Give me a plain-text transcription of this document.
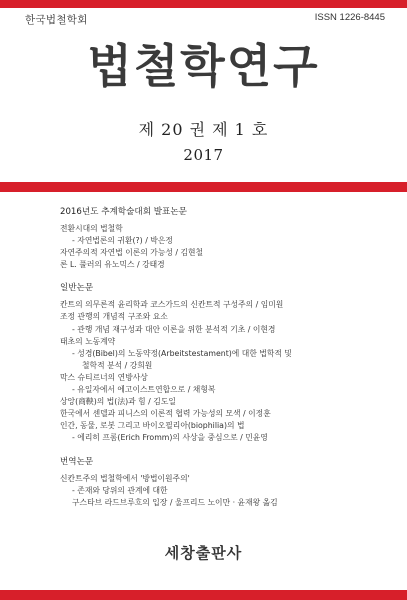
한국법철학회	ISSN 1226-8445
법철학연구
제 20 권 제 1 호
2017
2016년도 추계학술대회 발표논문
전환시대의 법철학
- 자연법론의 귀환(?) / 박은정
자연주의적 자연법 이론의 가능성 / 김현철
론 L. 풀러의 유노믹스 / 강태경
일반논문
칸트의 의무론적 윤리학과 코스가드의 신칸트적 구성주의 / 임미원
조정 관행의 개념적 구조와 요소
- 관행 개념 재구성과 대안 이론을 위한 분석적 기초 / 이현경
태초의 노동계약
- 성경(Bibel)의 노동약정(Arbeitstestament)에 대한 법학적 및
철학적 분석 / 강희원
막스 슈티르너의 연방사상
- 유일자에서 에고이스트연합으로 / 채형복
상앙(商鞅)의 법(法)과 힘 / 김도일
한국에서 센델과 피니스의 이론적 협력 가능성의 모색 / 이정훈
인간, 동물, 로봇 그리고 바이오필리아(biophilia)의 법
- 에리히 프롬(Erich Fromm)의 사상을 중심으로 / 민윤영
번역논문
신칸트주의 법철학에서 '방법이원주의'
- 존재와 당위의 관계에 대한
구스타브 라드브루흐의 입장 / 울프리드 노이만 · 윤재왕 옮김
세창출판사
